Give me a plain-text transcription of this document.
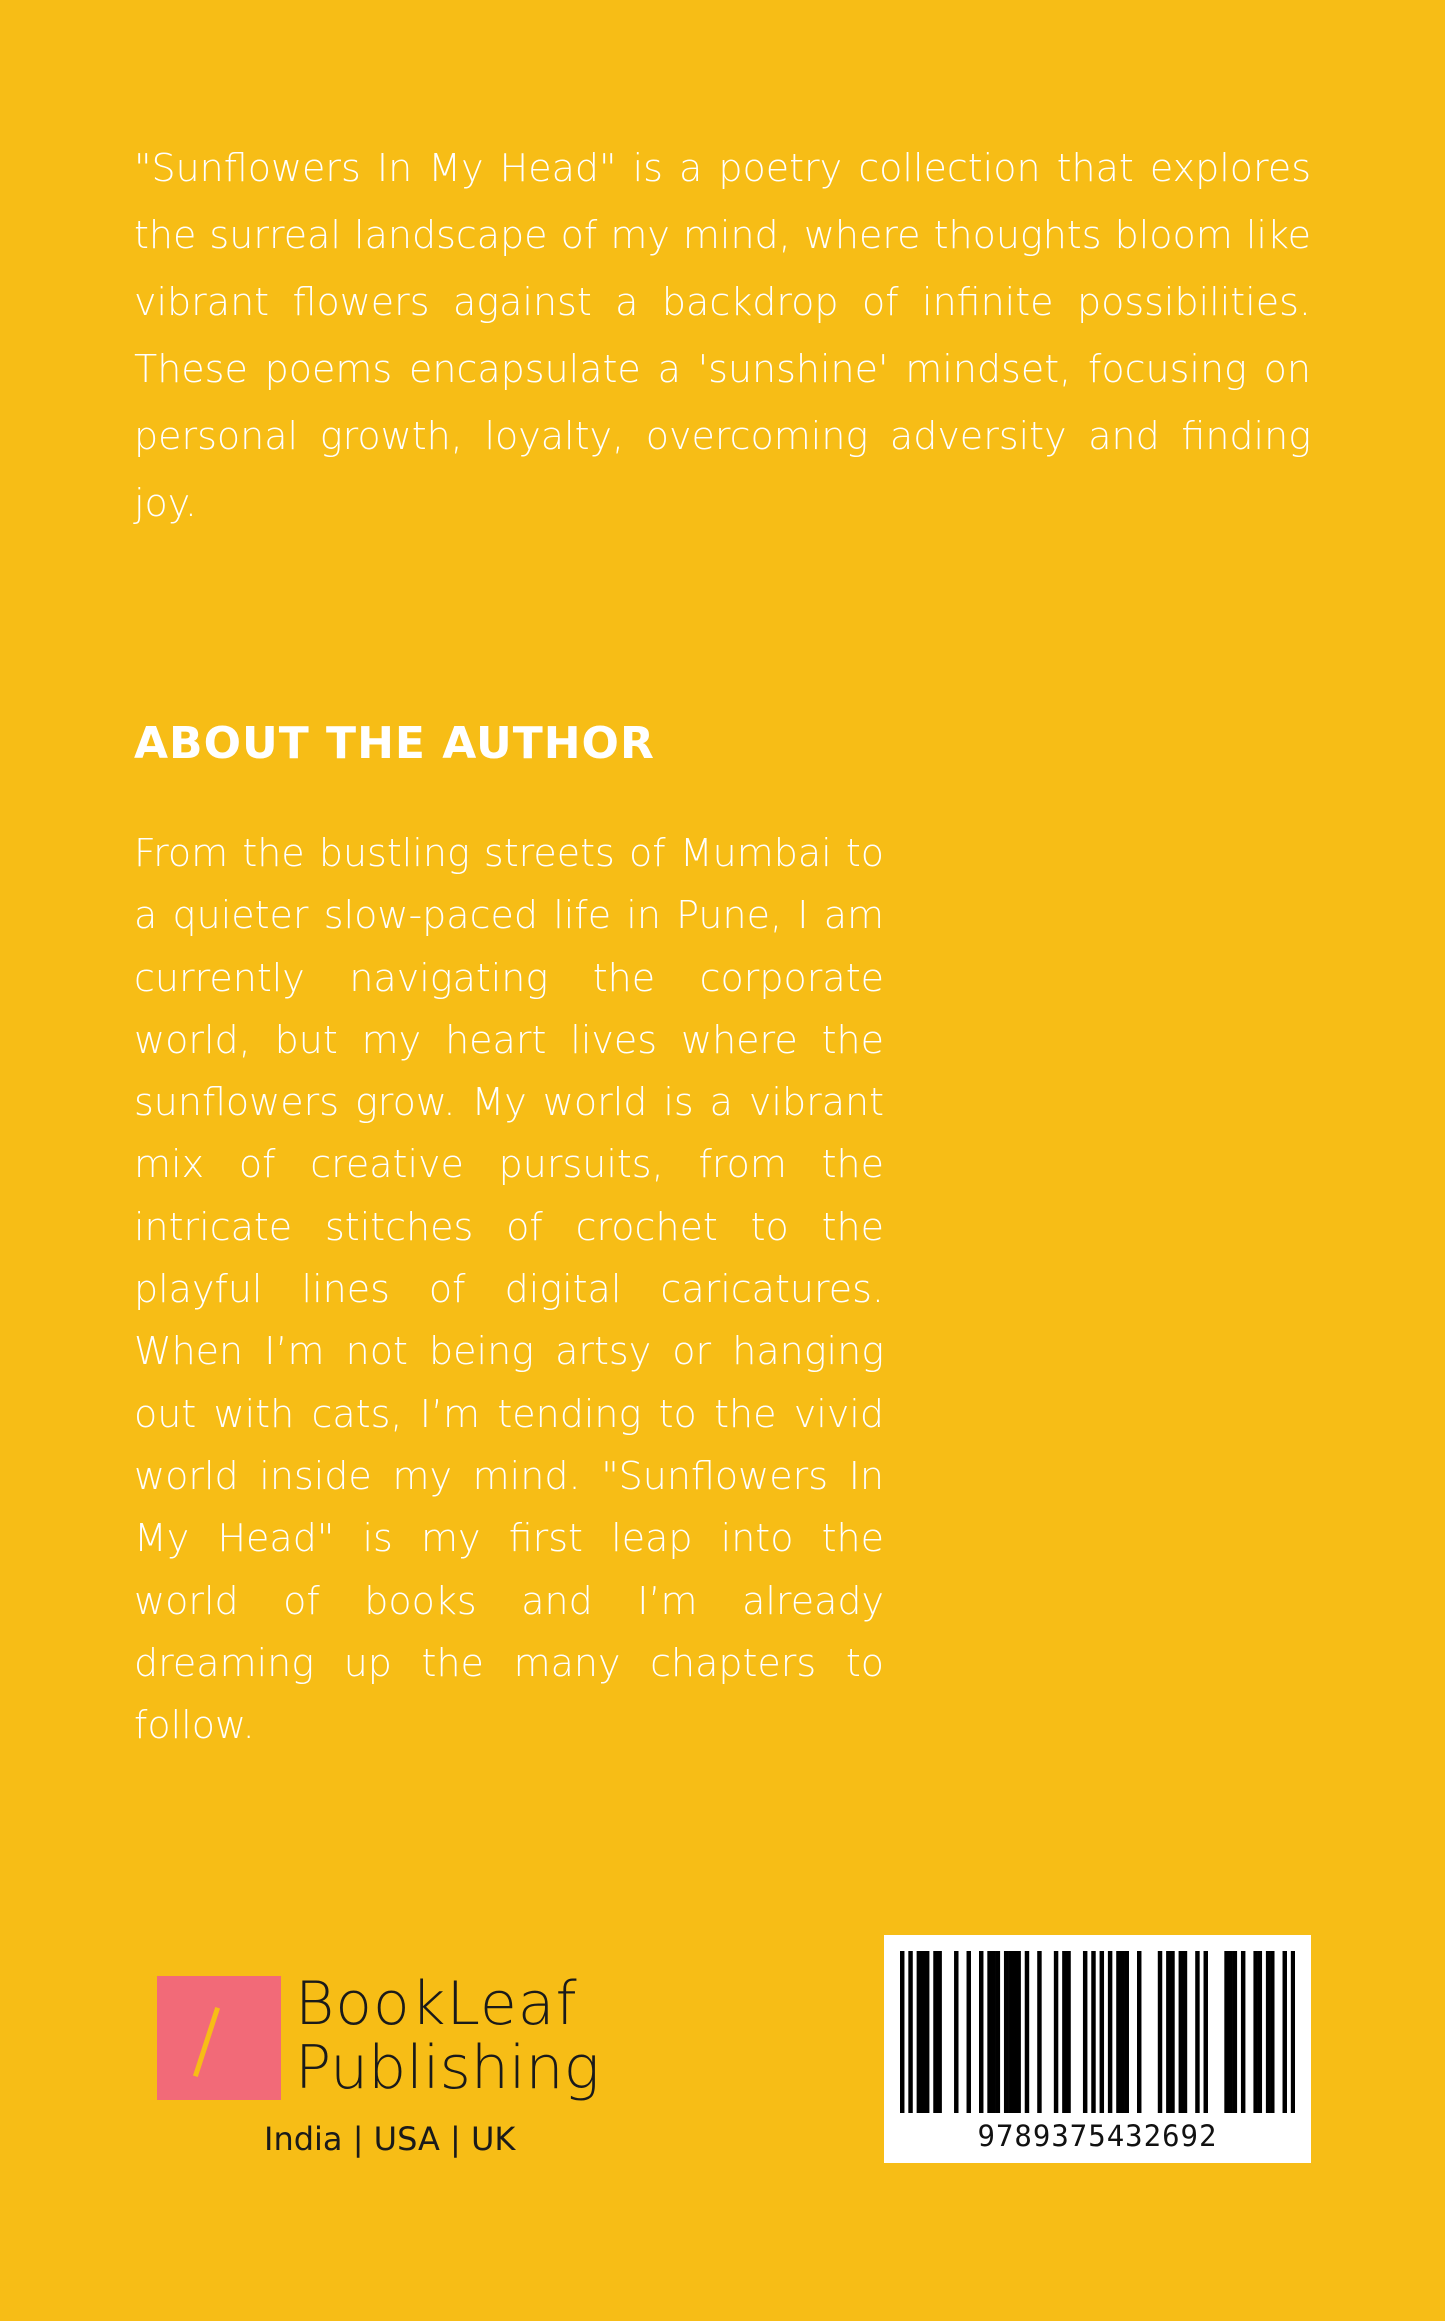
"Sunflowers In My Head" is a poetry collection that explores the surreal landscape of my mind, where thoughts bloom like vibrant flowers against a backdrop of infinite possibilities. These poems encapsulate a 'sunshine' mindset, focusing on personal growth, loyalty, overcoming adversity and finding joy.

ABOUT THE AUTHOR

From the bustling streets of Mumbai to a quieter slow-paced life in Pune, I am currently navigating the corporate world, but my heart lives where the sunflowers grow. My world is a vibrant mix of creative pursuits, from the intricate stitches of crochet to the playful lines of digital caricatures. When I’m not being artsy or hanging out with cats, I’m tending to the vivid world inside my mind. "Sunflowers In My Head" is my first leap into the world of books and I’m already dreaming up the many chapters to follow.

BookLeaf
Publishing
India | USA | UK	9789375432692
